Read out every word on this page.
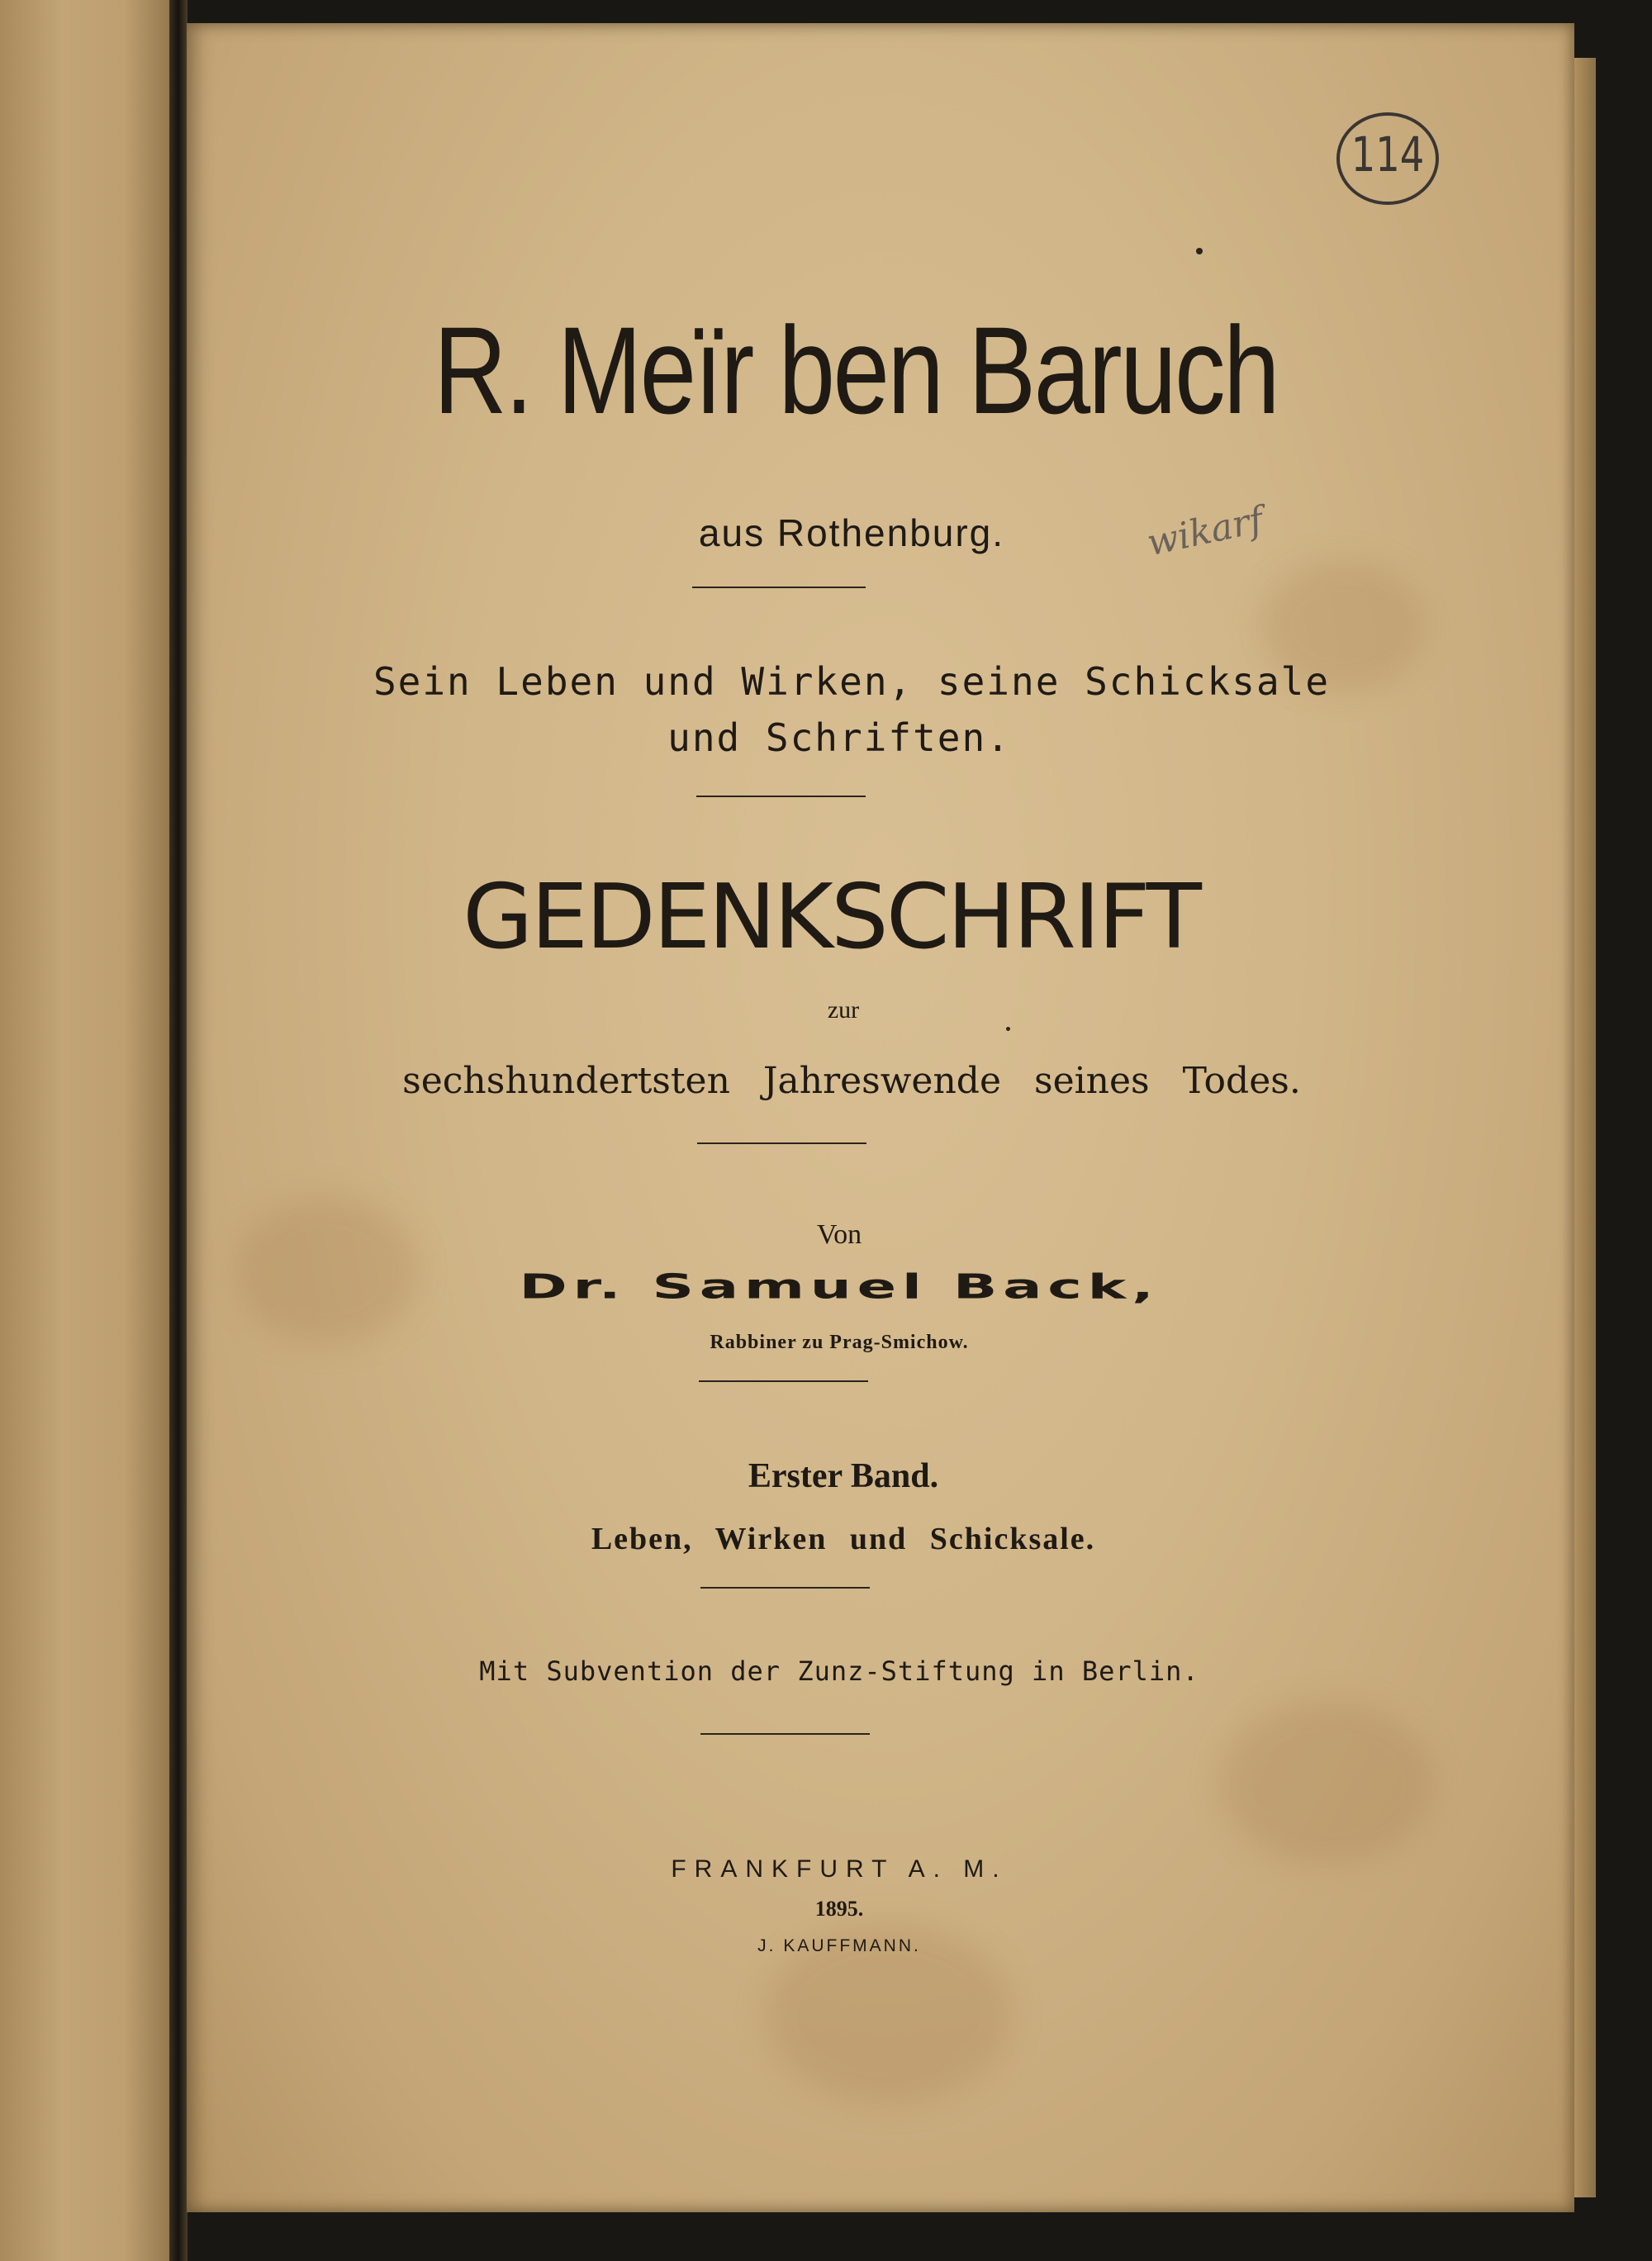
R. Meïr ben Baruch
aus Rothenburg.
Sein Leben und Wirken, seine Schicksale
und Schriften.
GEDENKSCHRIFT
zur
sechshundertsten Jahreswende seines Todes.
Von
Dr. Samuel Back,
Rabbiner zu Prag-Smichow.
Erster Band.
Leben, Wirken und Schicksale.
Mit Subvention der Zunz-Stiftung in Berlin.
FRANKFURT A. M.
1895.
J. KAUFFMANN.
114
wikarf
